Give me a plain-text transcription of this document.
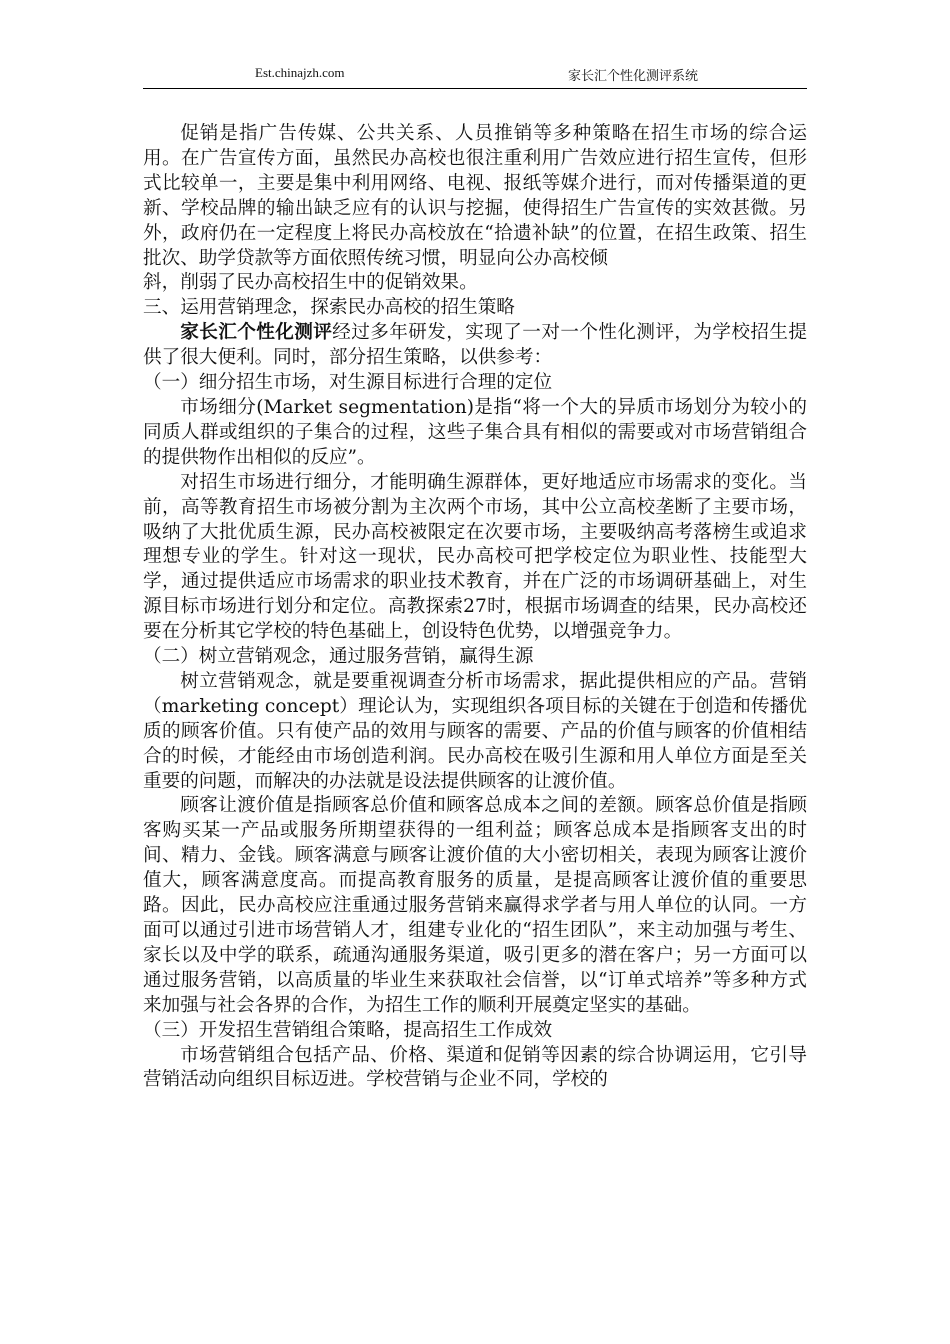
Est.chinajzh.com	家长汇个性化测评系统

促销是指广告传媒、公共关系、人员推销等多种策略在招生市场的综合运用。在广告宣传方面，虽然民办高校也很注重利用广告效应进行招生宣传，但形式比较单一，主要是集中利用网络、电视、报纸等媒介进行，而对传播渠道的更新、学校品牌的输出缺乏应有的认识与挖掘，使得招生广告宣传的实效甚微。另外，政府仍在一定程度上将民办高校放在“拾遗补缺”的位置，在招生政策、招生批次、助学贷款等方面依照传统习惯，明显向公办高校倾

斜，削弱了民办高校招生中的促销效果。

三、运用营销理念，探索民办高校的招生策略

家长汇个性化测评经过多年研发，实现了一对一个性化测评，为学校招生提供了很大便利。同时，部分招生策略，以供参考：

（一）细分招生市场，对生源目标进行合理的定位

市场细分(Market segmentation)是指“将一个大的异质市场划分为较小的同质人群或组织的子集合的过程，这些子集合具有相似的需要或对市场营销组合的提供物作出相似的反应”。

对招生市场进行细分，才能明确生源群体，更好地适应市场需求的变化。当前，高等教育招生市场被分割为主次两个市场，其中公立高校垄断了主要市场，吸纳了大批优质生源，民办高校被限定在次要市场，主要吸纳高考落榜生或追求理想专业的学生。针对这一现状，民办高校可把学校定位为职业性、技能型大学，通过提供适应市场需求的职业技术教育，并在广泛的市场调研基础上，对生源目标市场进行划分和定位。高教探索27时，根据市场调查的结果，民办高校还要在分析其它学校的特色基础上，创设特色优势，以增强竞争力。

（二）树立营销观念，通过服务营销，赢得生源

树立营销观念，就是要重视调查分析市场需求，据此提供相应的产品。营销（marketing concept）理论认为，实现组织各项目标的关键在于创造和传播优质的顾客价值。只有使产品的效用与顾客的需要、产品的价值与顾客的价值相结合的时候，才能经由市场创造利润。民办高校在吸引生源和用人单位方面是至关重要的问题，而解决的办法就是设法提供顾客的让渡价值。

顾客让渡价值是指顾客总价值和顾客总成本之间的差额。顾客总价值是指顾客购买某一产品或服务所期望获得的一组利益；顾客总成本是指顾客支出的时间、精力、金钱。顾客满意与顾客让渡价值的大小密切相关，表现为顾客让渡价值大，顾客满意度高。而提高教育服务的质量，是提高顾客让渡价值的重要思路。因此，民办高校应注重通过服务营销来赢得求学者与用人单位的认同。一方面可以通过引进市场营销人才，组建专业化的“招生团队”，来主动加强与考生、家长以及中学的联系，疏通沟通服务渠道，吸引更多的潜在客户；另一方面可以通过服务营销，以高质量的毕业生来获取社会信誉，以“订单式培养”等多种方式来加强与社会各界的合作，为招生工作的顺利开展奠定坚实的基础。

（三）开发招生营销组合策略，提高招生工作成效

市场营销组合包括产品、价格、渠道和促销等因素的综合协调运用，它引导营销活动向组织目标迈进。学校营销与企业不同，学校的
